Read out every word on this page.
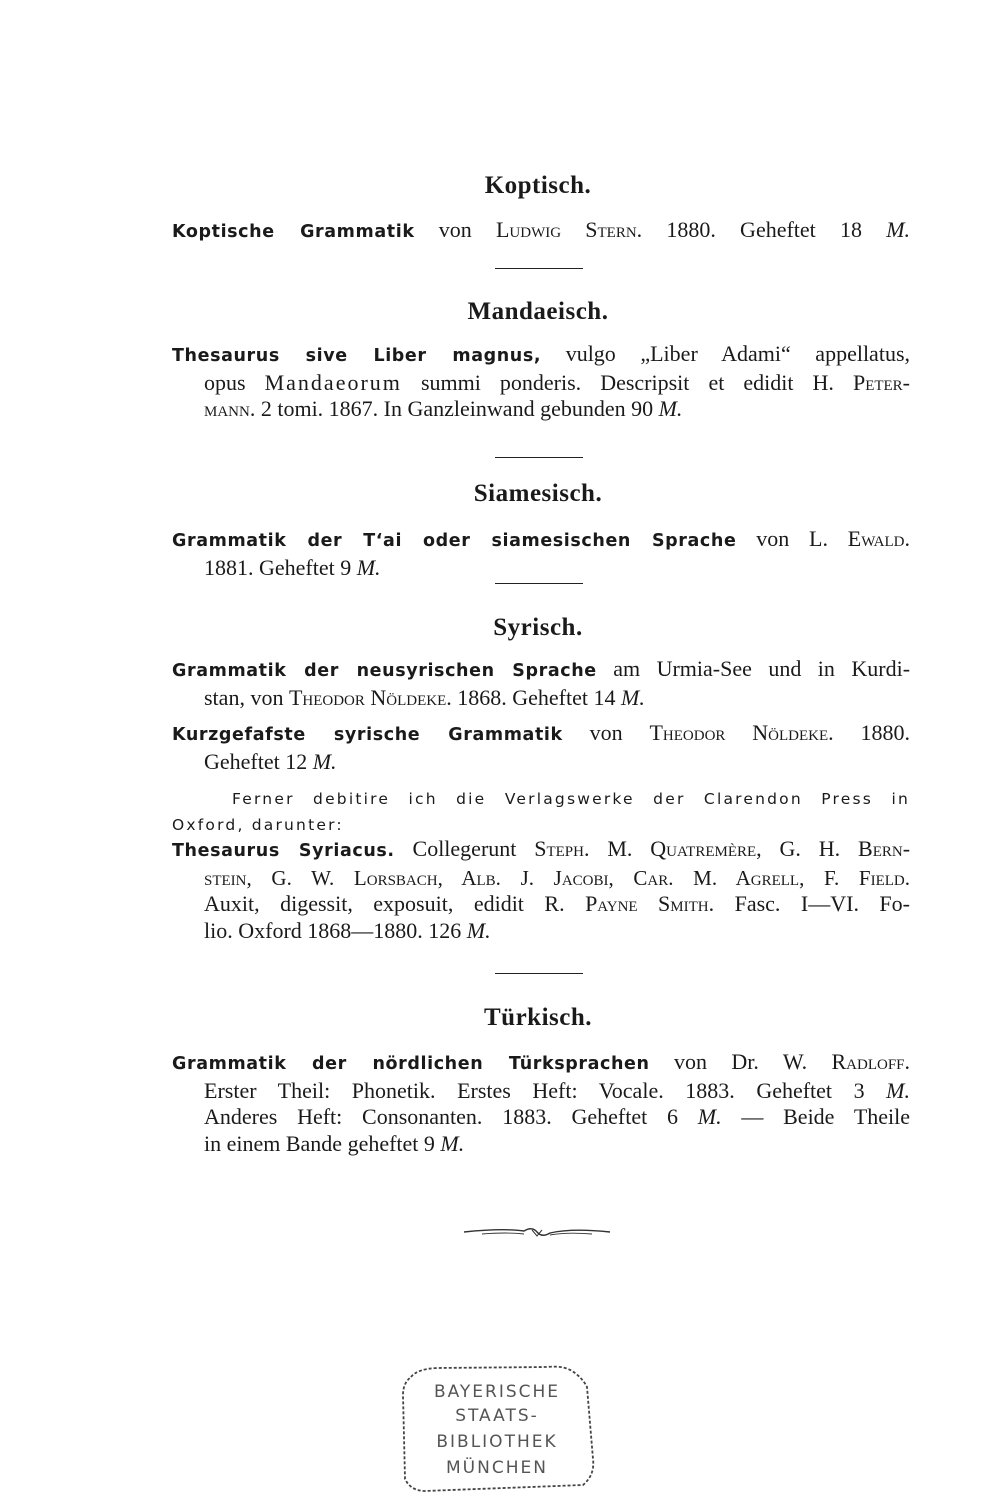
Koptisch.
Koptische Grammatik von Ludwig Stern. 1880. Geheftet 18 M.
Mandaeisch.
Thesaurus sive Liber magnus, vulgo „Liber Adami“ appellatus,
opus Mandaeorum summi ponderis. Descripsit et edidit H. Peter-
mann. 2 tomi. 1867. In Ganzleinwand gebunden 90 M.
Siamesisch.
Grammatik der T‘ai oder siamesischen Sprache von L. Ewald.
1881. Geheftet 9 M.
Syrisch.
Grammatik der neusyrischen Sprache am Urmia-See und in Kurdi-
stan, von Theodor Nöldeke. 1868. Geheftet 14 M.
Kurzgefafste syrische Grammatik von Theodor Nöldeke. 1880.
Geheftet 12 M.
Ferner debitire ich die Verlagswerke der Clarendon Press in
Oxford, darunter:
Thesaurus Syriacus. Collegerunt Steph. M. Quatremère, G. H. Bern-
stein, G. W. Lorsbach, Alb. J. Jacobi, Car. M. Agrell, F. Field.
Auxit, digessit, exposuit, edidit R. Payne Smith. Fasc. I—VI. Fo-
lio. Oxford 1868—1880. 126 M.
Türkisch.
Grammatik der nördlichen Türksprachen von Dr. W. Radloff.
Erster Theil: Phonetik. Erstes Heft: Vocale. 1883. Geheftet 3 M.
Anderes Heft: Consonanten. 1883. Geheftet 6 M. — Beide Theile
in einem Bande geheftet 9 M.
BAYERISCHE
STAATS-
BIBLIOTHEK
MÜNCHEN
